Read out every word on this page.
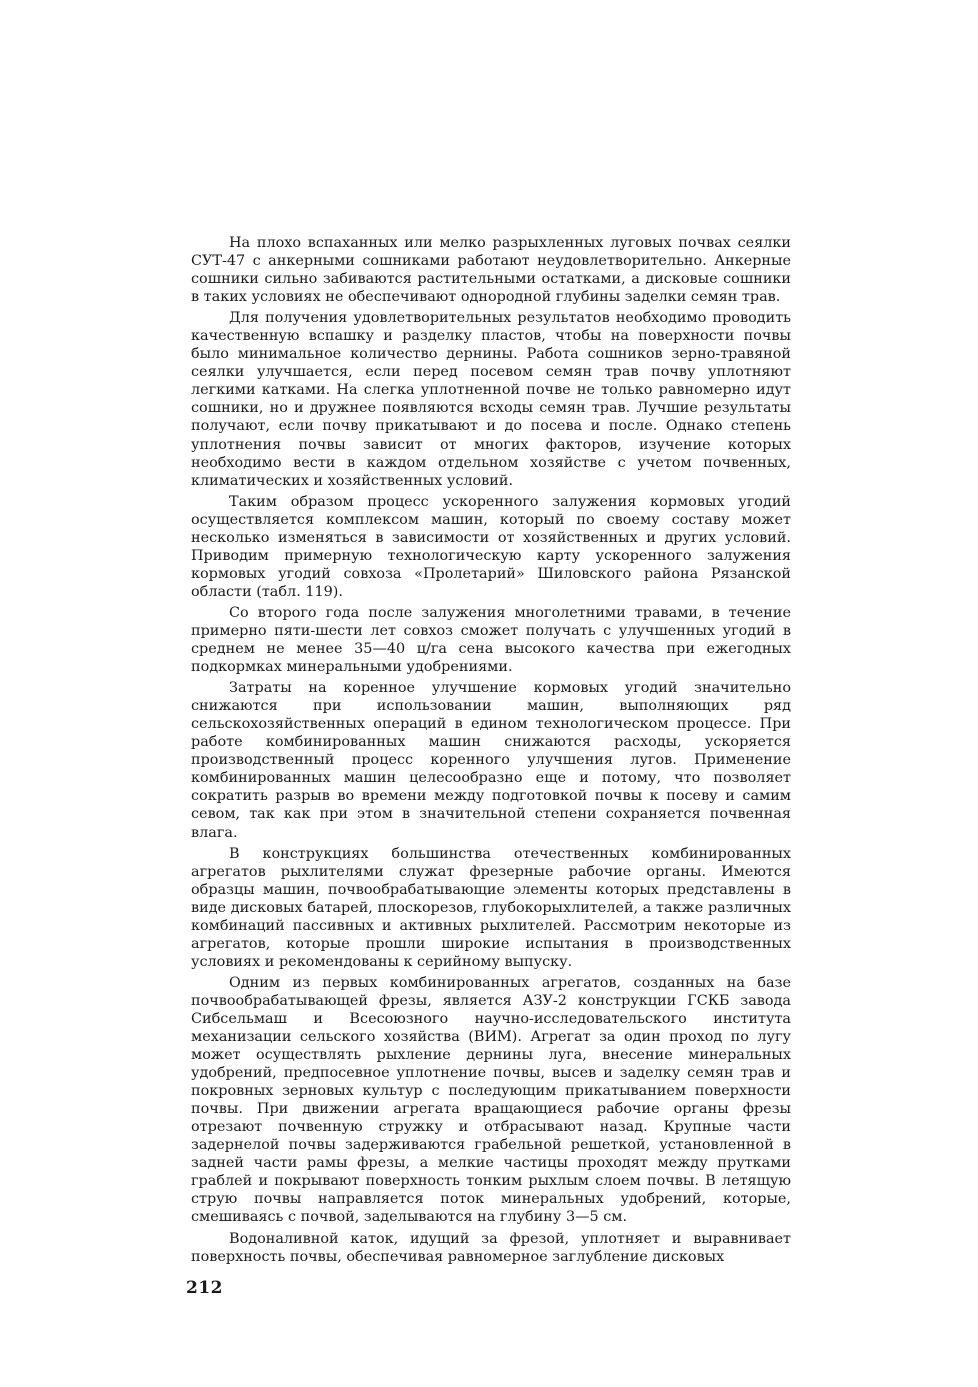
На плохо вспаханных или мелко разрыхленных луговых почвах сеялки СУТ-47 с анкерными сошниками работают неудовлетворительно. Анкерные сошники сильно забиваются растительными остатками, а дисковые сошники в таких условиях не обеспечивают однородной глубины заделки семян трав.

Для получения удовлетворительных результатов необходимо проводить качественную вспашку и разделку пластов, чтобы на поверхности почвы было минимальное количество дернины. Работа сошников зерно-травяной сеялки улучшается, если перед посевом семян трав почву уплотняют легкими катками. На слегка уплотненной почве не только равномерно идут сошники, но и дружнее появляются всходы семян трав. Лучшие результаты получают, если почву прикатывают и до посева и после. Однако степень уплотнения почвы зависит от многих факторов, изучение которых необходимо вести в каждом отдельном хозяйстве с учетом почвенных, климатических и хозяйственных условий.

Таким образом процесс ускоренного залужения кормовых угодий осуществляется комплексом машин, который по своему составу может несколько изменяться в зависимости от хозяйственных и других условий. Приводим примерную технологическую карту ускоренного залужения кормовых угодий совхоза «Пролетарий» Шиловского района Рязанской области (табл. 119).

Со второго года после залужения многолетними травами, в течение примерно пяти-шести лет совхоз сможет получать с улучшенных угодий в среднем не менее 35—40 ц/га сена высокого качества при ежегодных подкормках минеральными удобрениями.

Затраты на коренное улучшение кормовых угодий значительно снижаются при использовании машин, выполняющих ряд сельскохозяйственных операций в едином технологическом процессе. При работе комбинированных машин снижаются расходы, ускоряется производственный процесс коренного улучшения лугов. Применение комбинированных машин целесообразно еще и потому, что позволяет сократить разрыв во времени между подготовкой почвы к посеву и самим севом, так как при этом в значительной степени сохраняется почвенная влага.

В конструкциях большинства отечественных комбинированных агрегатов рыхлителями служат фрезерные рабочие органы. Имеются образцы машин, почвообрабатывающие элементы которых представлены в виде дисковых батарей, плоскорезов, глубокорыхлителей, а также различных комбинаций пассивных и активных рыхлителей. Рассмотрим некоторые из агрегатов, которые прошли широкие испытания в производственных условиях и рекомендованы к серийному выпуску.

Одним из первых комбинированных агрегатов, созданных на базе почвообрабатывающей фрезы, является АЗУ-2 конструкции ГСКБ завода Сибсельмаш и Всесоюзного научно-исследовательского института механизации сельского хозяйства (ВИМ). Агрегат за один проход по лугу может осуществлять рыхление дернины луга, внесение минеральных удобрений, предпосевное уплотнение почвы, высев и заделку семян трав и покровных зерновых культур с последующим прикатыванием поверхности почвы. При движении агрегата вращающиеся рабочие органы фрезы отрезают почвенную стружку и отбрасывают назад. Крупные части задернелой почвы задерживаются грабельной решеткой, установленной в задней части рамы фрезы, а мелкие частицы проходят между прутками граблей и покрывают поверхность тонким рыхлым слоем почвы. В летящую струю почвы направляется поток минеральных удобрений, которые, смешиваясь с почвой, заделываются на глубину 3—5 см.

Водоналивной каток, идущий за фрезой, уплотняет и выравнивает поверхность почвы, обеспечивая равномерное заглубление дисковых

212
